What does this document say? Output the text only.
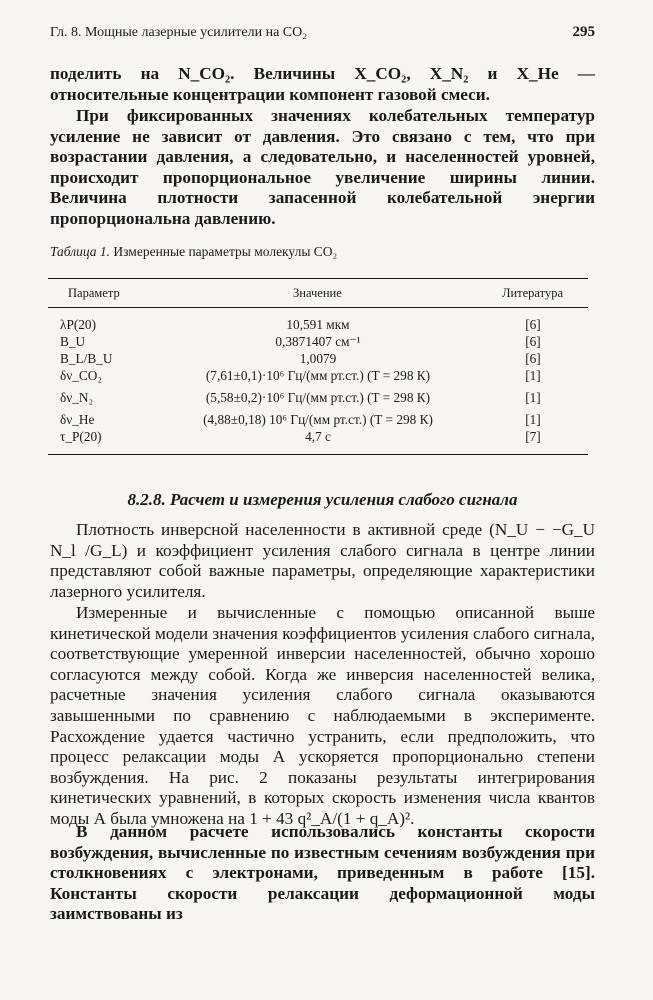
Гл. 8. Мощные лазерные усилители на CO₂	295
поделить на N_CO₂. Величины X_CO₂, X_N₂ и X_He — относительные концентрации компонент газовой смеси.
При фиксированных значениях колебательных температур усиление не зависит от давления. Это связано с тем, что при возрастании давления, а следовательно, и населенностей уровней, происходит пропорциональное увеличение ширины линии. Величина плотности запасенной колебательной энергии пропорциональна давлению.
Таблица 1. Измеренные параметры молекулы CO₂
Параметр	Значение	Литература
λP(20)	10,591 мкм	[6]
B_U	0,3871407 см⁻¹	[6]
B_L/B_U	1,0079	[6]
δν_CO₂	(7,61±0,1)·10⁶ Гц/(мм рт.ст.) (T = 298 К)	[1]
δν_N₂	(5,58±0,2)·10⁶ Гц/(мм рт.ст.) (T = 298 К)	[1]
δν_He	(4,88±0,18) 10⁶ Гц/(мм рт.ст.) (T = 298 К)	[1]
τ_P(20)	4,7 с	[7]
8.2.8. Расчет и измерения усиления слабого сигнала
Плотность инверсной населенности в активной среде (N_U − −G_U N_l /G_L) и коэффициент усиления слабого сигнала в центре линии представляют собой важные параметры, определяющие характеристики лазерного усилителя.
Измеренные и вычисленные с помощью описанной выше кинетической модели значения коэффициентов усиления слабого сигнала, соответствующие умеренной инверсии населенностей, обычно хорошо согласуются между собой. Когда же инверсия населенностей велика, расчетные значения усиления слабого сигнала оказываются завышенными по сравнению с наблюдаемыми в эксперименте. Расхождение удается частично устранить, если предположить, что процесс релаксации моды А ускоряется пропорционально степени возбуждения. На рис. 2 показаны результаты интегрирования кинетических уравнений, в которых скорость изменения числа квантов моды А была умножена на 1 + 43 q²_A/(1 + q_A)².
В данном расчете использовались константы скорости возбуждения, вычисленные по известным сечениям возбуждения при столкновениях с электронами, приведенным в работе [15]. Константы скорости релаксации деформационной моды заимствованы из
